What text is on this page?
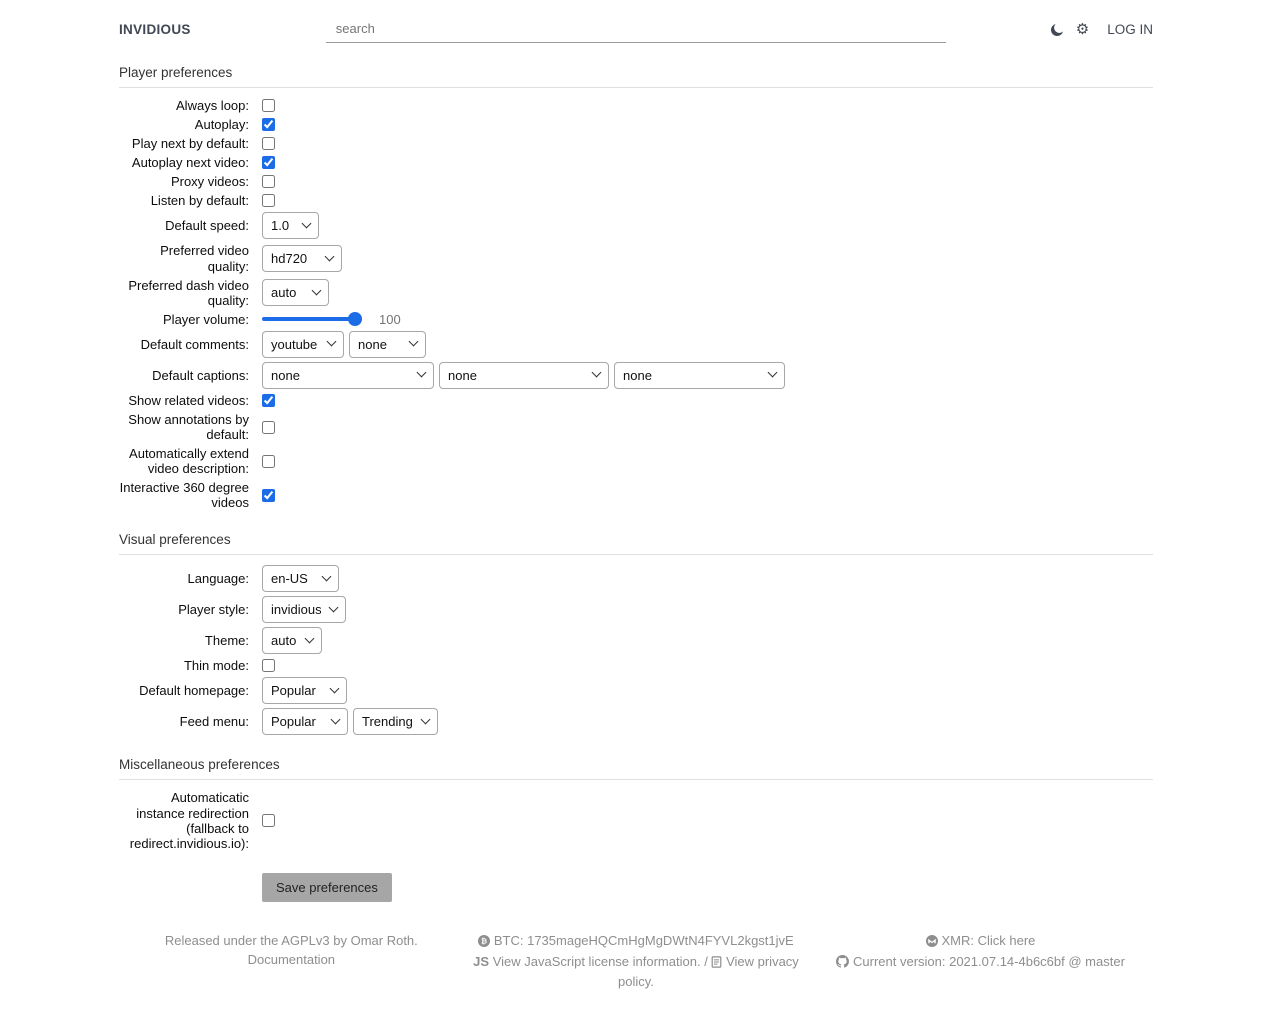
INVIDIOUS
search	⚙︎ LOG IN
Player preferences
Always loop:
Autoplay:
Play next by default:
Autoplay next video:
Proxy videos:
Listen by default:
Default speed:
1.0
Preferred video quality:
hd720
Preferred dash video quality:
auto
Player volume:	100
Default comments:
youtube
none
Default captions:
none
none
none
Show related videos:
Show annotations by default:
Automatically extend video description:
Interactive 360 degree videos
Visual preferences
Language:
en-US
Player style:
invidious
Theme:
auto
Thin mode:
Default homepage:
Popular
Feed menu:
Popular
Trending
Miscellaneous preferences
Automaticatic instance redirection (fallback to redirect.invidious.io):
Save preferences
Released under the AGPLv3 by Omar Roth.
Documentation
₿ BTC: 1735mageHQCmHgMgDWtN4FYVL2kgst1jvE
JS View JavaScript license information. / View privacy policy.
XMR: Click here
Current version: 2021.07.14-4b6c6bf @ master
